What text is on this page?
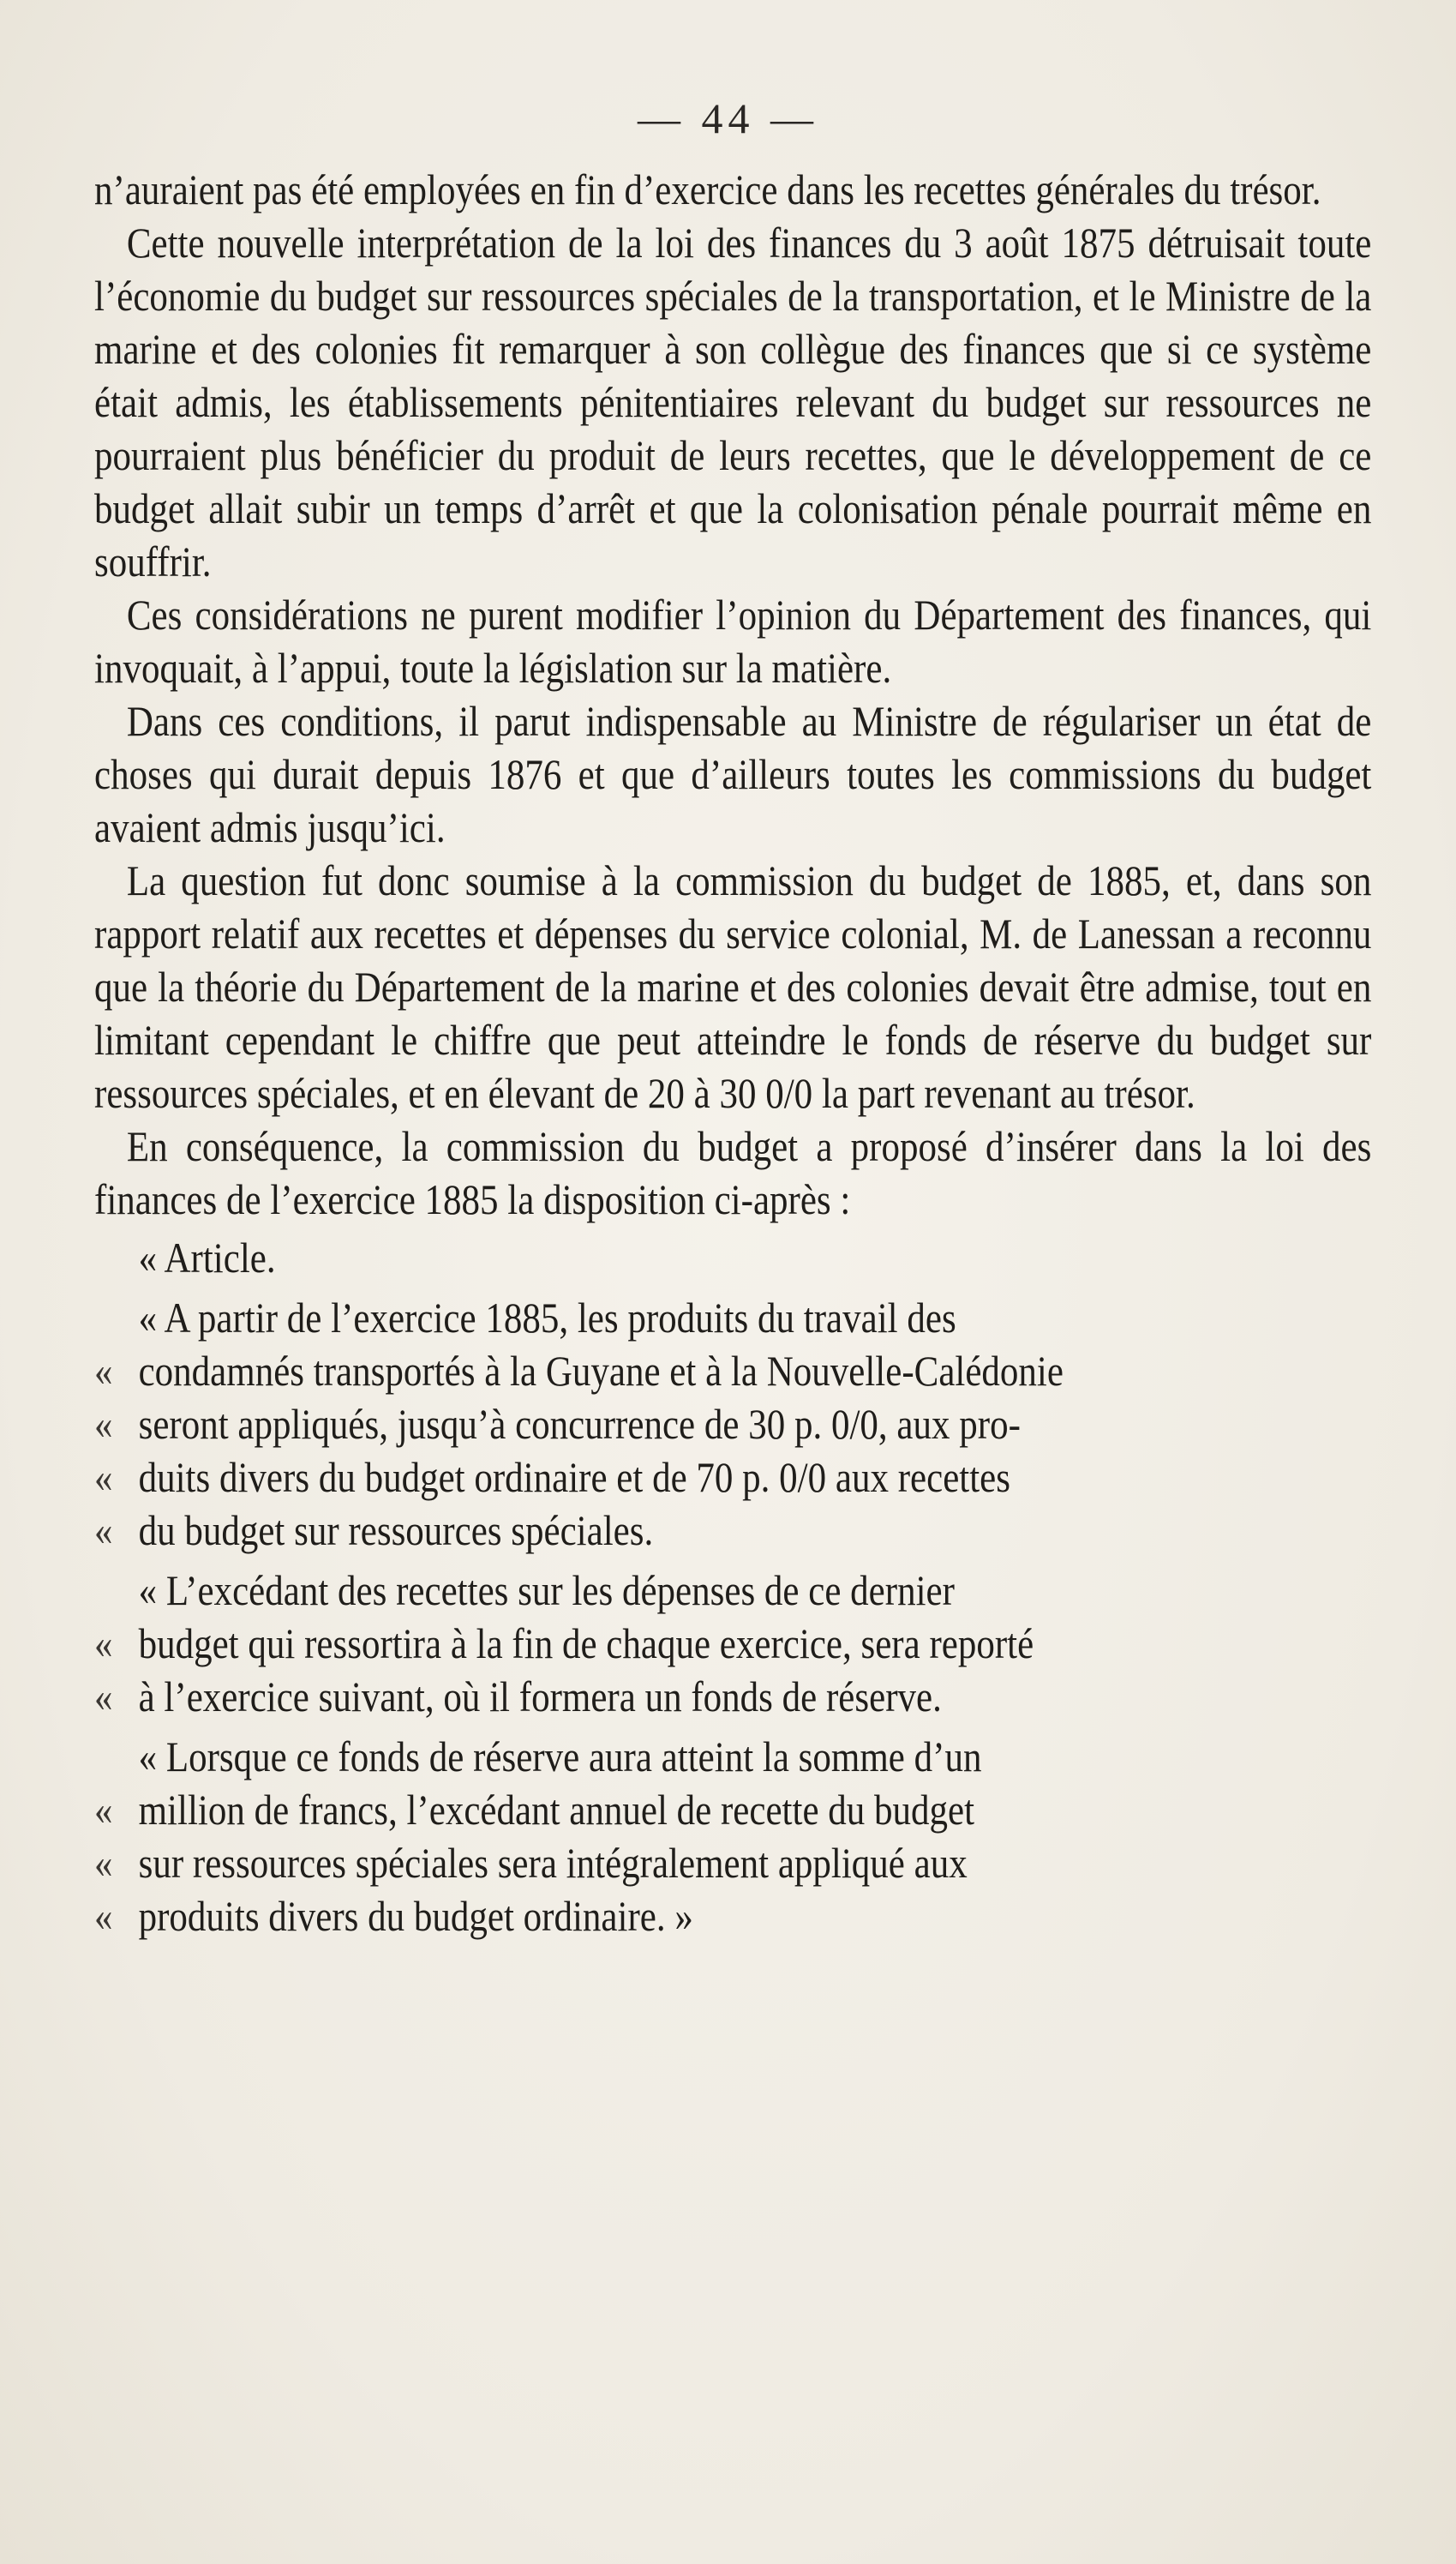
— 44 —

n’auraient pas été employées en fin d’exercice dans les recettes générales du trésor.

Cette nouvelle interprétation de la loi des finances du 3 août 1875 détruisait toute l’économie du budget sur ressources spéciales de la transportation, et le Ministre de la marine et des colonies fit remarquer à son collègue des finances que si ce système était admis, les établissements pénitentiaires relevant du budget sur ressources ne pourraient plus bénéficier du produit de leurs recettes, que le développement de ce budget allait subir un temps d’arrêt et que la colonisation pénale pourrait même en souffrir.

Ces considérations ne purent modifier l’opinion du Département des finances, qui invoquait, à l’appui, toute la législation sur la matière.

Dans ces conditions, il parut indispensable au Ministre de régulariser un état de choses qui durait depuis 1876 et que d’ailleurs toutes les commissions du budget avaient admis jusqu’ici.

La question fut donc soumise à la commission du budget de 1885, et, dans son rapport relatif aux recettes et dépenses du service colonial, M. de Lanessan a reconnu que la théorie du Département de la marine et des colonies devait être admise, tout en limitant cependant le chiffre que peut atteindre le fonds de réserve du budget sur ressources spéciales, et en élevant de 20 à 30 0/0 la part revenant au trésor.

En conséquence, la commission du budget a proposé d’insérer dans la loi des finances de l’exercice 1885 la disposition ci-après :

« Article.
« A partir de l’exercice 1885, les produits du travail des
« condamnés transportés à la Guyane et à la Nouvelle-Calédonie
« seront appliqués, jusqu’à concurrence de 30 p. 0/0, aux pro-
« duits divers du budget ordinaire et de 70 p. 0/0 aux recettes
« du budget sur ressources spéciales.
« L’excédant des recettes sur les dépenses de ce dernier
« budget qui ressortira à la fin de chaque exercice, sera reporté
« à l’exercice suivant, où il formera un fonds de réserve.
« Lorsque ce fonds de réserve aura atteint la somme d’un
« million de francs, l’excédant annuel de recette du budget
« sur ressources spéciales sera intégralement appliqué aux
« produits divers du budget ordinaire. »
